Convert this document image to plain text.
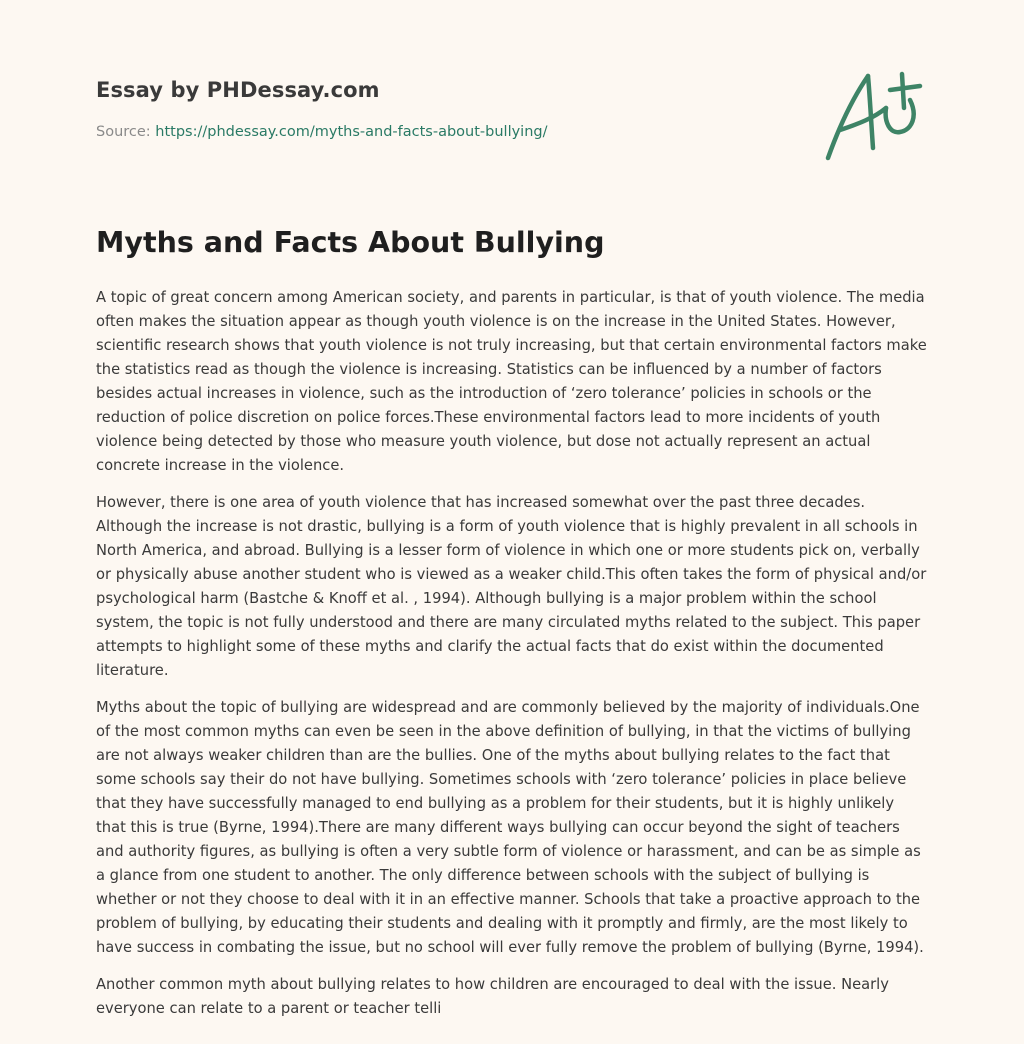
Essay by PHDessay.com
Source: https://phdessay.com/myths-and-facts-about-bullying/
Myths and Facts About Bullying

A topic of great concern among American society, and parents in particular, is that of youth violence. The media often makes the situation appear as though youth violence is on the increase in the United States. However, scientific research shows that youth violence is not truly increasing, but that certain environmental factors make the statistics read as though the violence is increasing. Statistics can be influenced by a number of factors besides actual increases in violence, such as the introduction of ‘zero tolerance’ policies in schools or the reduction of police discretion on police forces.These environmental factors lead to more incidents of youth violence being detected by those who measure youth violence, but dose not actually represent an actual concrete increase in the violence.

However, there is one area of youth violence that has increased somewhat over the past three decades. Although the increase is not drastic, bullying is a form of youth violence that is highly prevalent in all schools in North America, and abroad. Bullying is a lesser form of violence in which one or more students pick on, verbally or physically abuse another student who is viewed as a weaker child.This often takes the form of physical and/or psychological harm (Bastche & Knoff et al. , 1994). Although bullying is a major problem within the school system, the topic is not fully understood and there are many circulated myths related to the subject. This paper attempts to highlight some of these myths and clarify the actual facts that do exist within the documented literature.

Myths about the topic of bullying are widespread and are commonly believed by the majority of individuals.One of the most common myths can even be seen in the above definition of bullying, in that the victims of bullying are not always weaker children than are the bullies. One of the myths about bullying relates to the fact that some schools say their do not have bullying. Sometimes schools with ‘zero tolerance’ policies in place believe that they have successfully managed to end bullying as a problem for their students, but it is highly unlikely that this is true (Byrne, 1994).There are many different ways bullying can occur beyond the sight of teachers and authority figures, as bullying is often a very subtle form of violence or harassment, and can be as simple as a glance from one student to another. The only difference between schools with the subject of bullying is whether or not they choose to deal with it in an effective manner. Schools that take a proactive approach to the problem of bullying, by educating their students and dealing with it promptly and firmly, are the most likely to have success in combating the issue, but no school will ever fully remove the problem of bullying (Byrne, 1994).

Another common myth about bullying relates to how children are encouraged to deal with the issue. Nearly everyone can relate to a parent or teacher telli
